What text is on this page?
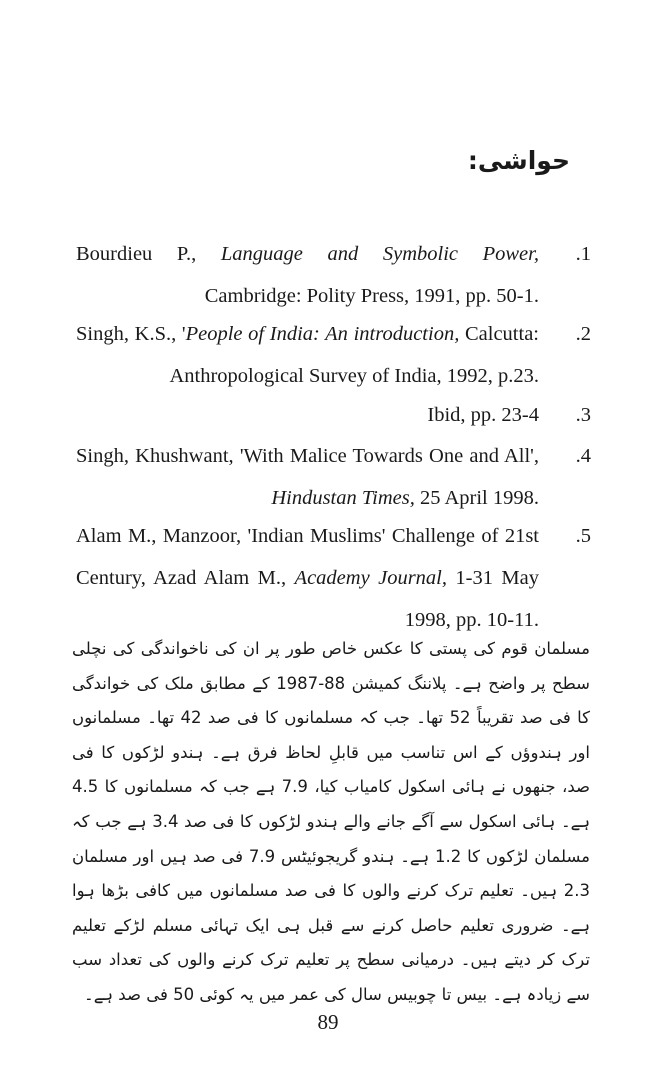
حواشی:
.1
Bourdieu P., Language and Symbolic Power, Cambridge: Polity Press, 1991, pp. 50-1.
.2
Singh, K.S., 'People of India: An introduction, Calcutta: Anthropological Survey of India, 1992, p.23.
.3
Ibid, pp. 23-4
.4
Singh, Khushwant, 'With Malice Towards One and All', Hindustan Times, 25 April 1998.
.5
Alam M., Manzoor, 'Indian Muslims' Challenge of 21st Century, Azad Alam M., Academy Journal, 1-31 May 1998, pp. 10-11.
مسلمان قوم کی پستی کا عکس خاص طور پر ان کی ناخواندگی کی نچلی سطح پر واضح ہے۔ پلاننگ کمیشن 88-1987 کے مطابق ملک کی خواندگی کا فی صد تقریباً 52 تھا۔ جب کہ مسلمانوں کا فی صد 42 تھا۔ مسلمانوں اور ہندوؤں کے اس تناسب میں قابلِ لحاظ فرق ہے۔ ہندو لڑکوں کا فی صد، جنھوں نے ہائی اسکول کامیاب کیا، 7.9 ہے جب کہ مسلمانوں کا 4.5 ہے۔ ہائی اسکول سے آگے جانے والے ہندو لڑکوں کا فی صد 3.4 ہے جب کہ مسلمان لڑکوں کا 1.2 ہے۔ ہندو گریجوئیٹس 7.9 فی صد ہیں اور مسلمان 2.3 ہیں۔ تعلیم ترک کرنے والوں کا فی صد مسلمانوں میں کافی بڑھا ہوا ہے۔ ضروری تعلیم حاصل کرنے سے قبل ہی ایک تہائی مسلم لڑکے تعلیم ترک کر دیتے ہیں۔ درمیانی سطح پر تعلیم ترک کرنے والوں کی تعداد سب سے زیادہ ہے۔ بیس تا چوبیس سال کی عمر میں یہ کوئی 50 فی صد ہے۔
89
